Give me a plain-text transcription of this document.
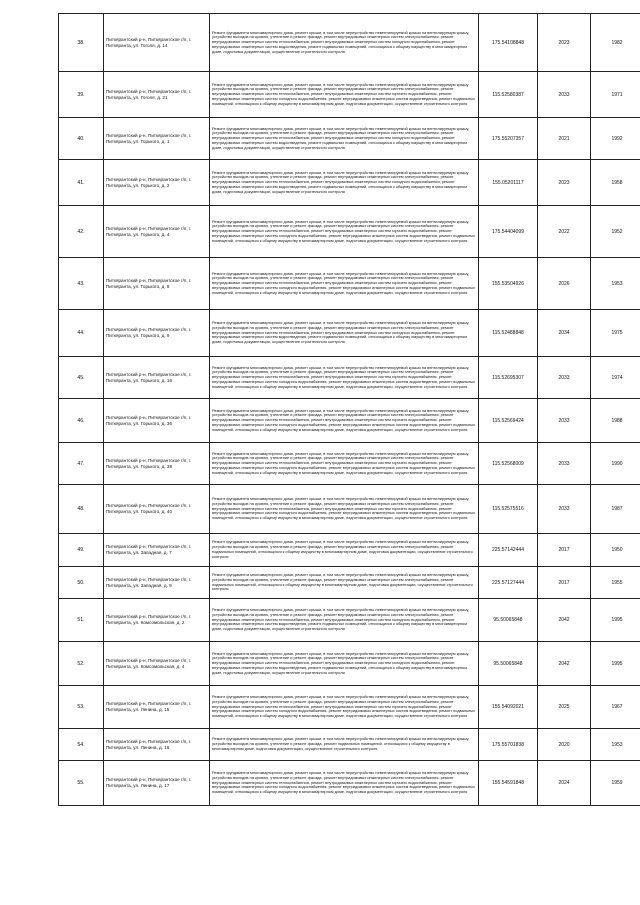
38.	Питкярантский р-н, Питкярантское г/п, г. Питкяранта, ул. Гоголя, д. 14	Ремонт фундамента многоквартирного дома, ремонт крыши, в том числе переустройство невентилируемой крыши на вентилируемую крышу, устройство выходов на кровлю, утепление и ремонт фасада, ремонт внутридомовых инженерных систем электроснабжения, ремонт внутридомовых инженерных систем теплоснабжения, ремонт внутридомовых инженерных систем холодного водоснабжения, ремонт внутридомовых инженерных систем водоотведения, ремонт подвальных помещений, относящихся к общему имуществу в многоквартирном доме, подготовка документации, осуществление строительного контроля	175.54108848	2023	1982
39.	Питкярантский р-н, Питкярантское г/п, г. Питкяранта, ул. Гоголя, д. 21	Ремонт фундамента многоквартирного дома, ремонт крыши, в том числе переустройство невентилируемой крыши на вентилируемую крышу, устройство выходов на кровлю, утепление и ремонт фасада, ремонт внутридомовых инженерных систем электроснабжения, ремонт внутридомовых инженерных систем теплоснабжения, ремонт внутридомовых инженерных систем горячего водоснабжения, ремонт внутридомовых инженерных систем холодного водоснабжения, ремонт внутридомовых инженерных систем водоотведения, ремонт подвальных помещений, относящихся к общему имуществу в многоквартирном доме, подготовка документации, осуществление строительного контроля	115.52580387	2033	1971
40.	Питкярантский р-н, Питкярантское г/п, г. Питкяранта, ул. Горького, д. 1	Ремонт фундамента многоквартирного дома, ремонт крыши, в том числе переустройство невентилируемой крыши на вентилируемую крышу, устройство выходов на кровлю, утепление и ремонт фасада, ремонт внутридомовых инженерных систем электроснабжения, ремонт внутридомовых инженерных систем теплоснабжения, ремонт внутридомовых инженерных систем холодного водоснабжения, ремонт внутридомовых инженерных систем водоотведения, ремонт подвальных помещений, относящихся к общему имуществу в многоквартирном доме, подготовка документации, осуществление строительного контроля	175.55207357	2021	1992
41.	Питкярантский р-н, Питкярантское г/п, г. Питкяранта, ул. Горького, д. 2	Ремонт фундамента многоквартирного дома, ремонт крыши, в том числе переустройство невентилируемой крыши на вентилируемую крышу, устройство выходов на кровлю, утепление и ремонт фасада, ремонт внутридомовых инженерных систем электроснабжения, ремонт внутридомовых инженерных систем теплоснабжения, ремонт внутридомовых инженерных систем холодного водоснабжения, ремонт внутридомовых инженерных систем водоотведения, ремонт подвальных помещений, относящихся к общему имуществу в многоквартирном доме, подготовка документации, осуществление строительного контроля	155.05201117	2023	1958
42.	Питкярантский р-н, Питкярантское г/п, г. Питкяранта, ул. Горького, д. 4	Ремонт фундамента многоквартирного дома, ремонт крыши, в том числе переустройство невентилируемой крыши на вентилируемую крышу, устройство выходов на кровлю, утепление и ремонт фасада, ремонт внутридомовых инженерных систем электроснабжения, ремонт внутридомовых инженерных систем теплоснабжения, ремонт внутридомовых инженерных систем горячего водоснабжения, ремонт внутридомовых инженерных систем холодного водоснабжения, ремонт внутридомовых инженерных систем водоотведения, ремонт подвальных помещений, относящихся к общему имуществу в многоквартирном доме, подготовка документации, осуществление строительного контроля	175.54404099	2022	1952
43.	Питкярантский р-н, Питкярантское г/п, г. Питкяранта, ул. Горького, д. 8	Ремонт фундамента многоквартирного дома, ремонт крыши, в том числе переустройство невентилируемой крыши на вентилируемую крышу, устройство выходов на кровлю, утепление и ремонт фасада, ремонт внутридомовых инженерных систем электроснабжения, ремонт внутридомовых инженерных систем теплоснабжения, ремонт внутридомовых инженерных систем горячего водоснабжения, ремонт внутридомовых инженерных систем холодного водоснабжения, ремонт внутридомовых инженерных систем водоотведения, ремонт подвальных помещений, относящихся к общему имуществу в многоквартирном доме, подготовка документации, осуществление строительного контроля	155.53504926	2026	1953
44.	Питкярантский р-н, Питкярантское г/п, г. Питкяранта, ул. Горького, д. 9	Ремонт фундамента многоквартирного дома, ремонт крыши, в том числе переустройство невентилируемой крыши на вентилируемую крышу, устройство выходов на кровлю, утепление и ремонт фасада, ремонт внутридомовых инженерных систем электроснабжения, ремонт внутридомовых инженерных систем теплоснабжения, ремонт внутридомовых инженерных систем холодного водоснабжения, ремонт внутридомовых инженерных систем водоотведения, ремонт подвальных помещений, относящихся к общему имуществу в многоквартирном доме, подготовка документации, осуществление строительного контроля	115.52488848	2034	1975
45.	Питкярантский р-н, Питкярантское г/п, г. Питкяранта, ул. Горького, д. 16	Ремонт фундамента многоквартирного дома, ремонт крыши, в том числе переустройство невентилируемой крыши на вентилируемую крышу, устройство выходов на кровлю, утепление и ремонт фасада, ремонт внутридомовых инженерных систем электроснабжения, ремонт внутридомовых инженерных систем теплоснабжения, ремонт внутридомовых инженерных систем горячего водоснабжения, ремонт внутридомовых инженерных систем холодного водоснабжения, ремонт внутридомовых инженерных систем водоотведения, ремонт подвальных помещений, относящихся к общему имуществу в многоквартирном доме, подготовка документации, осуществление строительного контроля	115.52695307	2033	1974
46.	Питкярантский р-н, Питкярантское г/п, г. Питкяранта, ул. Горького, д. 36	Ремонт фундамента многоквартирного дома, ремонт крыши, в том числе переустройство невентилируемой крыши на вентилируемую крышу, устройство выходов на кровлю, утепление и ремонт фасада, ремонт внутридомовых инженерных систем электроснабжения, ремонт внутридомовых инженерных систем теплоснабжения, ремонт внутридомовых инженерных систем горячего водоснабжения, ремонт внутридомовых инженерных систем холодного водоснабжения, ремонт внутридомовых инженерных систем водоотведения, ремонт подвальных помещений, относящихся к общему имуществу в многоквартирном доме, подготовка документации, осуществление строительного контроля	115.52569424	2033	1988
47.	Питкярантский р-н, Питкярантское г/п, г. Питкяранта, ул. Горького, д. 38	Ремонт фундамента многоквартирного дома, ремонт крыши, в том числе переустройство невентилируемой крыши на вентилируемую крышу, устройство выходов на кровлю, утепление и ремонт фасада, ремонт внутридомовых инженерных систем электроснабжения, ремонт внутридомовых инженерных систем теплоснабжения, ремонт внутридомовых инженерных систем горячего водоснабжения, ремонт внутридомовых инженерных систем холодного водоснабжения, ремонт внутридомовых инженерных систем водоотведения, ремонт подвальных помещений, относящихся к общему имуществу в многоквартирном доме, подготовка документации, осуществление строительного контроля	115.52568009	2033	1990
48.	Питкярантский р-н, Питкярантское г/п, г. Питкяранта, ул. Горького, д. 40	Ремонт фундамента многоквартирного дома, ремонт крыши, в том числе переустройство невентилируемой крыши на вентилируемую крышу, устройство выходов на кровлю, утепление и ремонт фасада, ремонт внутридомовых инженерных систем электроснабжения, ремонт внутридомовых инженерных систем теплоснабжения, ремонт внутридомовых инженерных систем горячего водоснабжения, ремонт внутридомовых инженерных систем холодного водоснабжения, ремонт внутридомовых инженерных систем водоотведения, ремонт подвальных помещений, относящихся к общему имуществу в многоквартирном доме, подготовка документации, осуществление строительного контроля	115.52575516	2033	1987
49.	Питкярантский р-н, Питкярантское г/п, г. Питкяранта, ул. Западная, д. 7	Ремонт фундамента многоквартирного дома, ремонт крыши, в том числе переустройство невентилируемой крыши на вентилируемую крышу, устройство выходов на кровлю, утепление и ремонт фасада, ремонт внутридомовых инженерных систем электроснабжения, ремонт подвальных помещений, относящихся к общему имуществу в многоквартирном доме, подготовка документации, осуществление строительного контроля	225.57142444	2017	1950
50.	Питкярантский р-н, Питкярантское г/п, г. Питкяранта, ул. Западная, д. 9	Ремонт фундамента многоквартирного дома, ремонт крыши, в том числе переустройство невентилируемой крыши на вентилируемую крышу, устройство выходов на кровлю, утепление и ремонт фасада, ремонт внутридомовых инженерных систем электроснабжения, ремонт подвальных помещений, относящихся к общему имуществу в многоквартирном доме, подготовка документации, осуществление строительного контроля	225.57127444	2017	1955
51.	Питкярантский р-н, Питкярантское г/п, г. Питкяранта, ул. Комсомольская, д. 2	Ремонт фундамента многоквартирного дома, ремонт крыши, в том числе переустройство невентилируемой крыши на вентилируемую крышу, устройство выходов на кровлю, утепление и ремонт фасада, ремонт внутридомовых инженерных систем электроснабжения, ремонт внутридомовых инженерных систем теплоснабжения, ремонт внутридомовых инженерных систем холодного водоснабжения, ремонт внутридомовых инженерных систем водоотведения, ремонт подвальных помещений, относящихся к общему имуществу в многоквартирном доме, подготовка документации, осуществление строительного контроля	95.50065848	2042	1995
52.	Питкярантский р-н, Питкярантское г/п, г. Питкяранта, ул. Комсомольская, д. 4	Ремонт фундамента многоквартирного дома, ремонт крыши, в том числе переустройство невентилируемой крыши на вентилируемую крышу, устройство выходов на кровлю, утепление и ремонт фасада, ремонт внутридомовых инженерных систем электроснабжения, ремонт внутридомовых инженерных систем теплоснабжения, ремонт внутридомовых инженерных систем холодного водоснабжения, ремонт внутридомовых инженерных систем водоотведения, ремонт подвальных помещений, относящихся к общему имуществу в многоквартирном доме, подготовка документации, осуществление строительного контроля	95.50065848	2042	1995
53.	Питкярантский р-н, Питкярантское г/п, г. Питкяранта, ул. Ленина, д. 15	Ремонт фундамента многоквартирного дома, ремонт крыши, в том числе переустройство невентилируемой крыши на вентилируемую крышу, устройство выходов на кровлю, утепление и ремонт фасада, ремонт внутридомовых инженерных систем электроснабжения, ремонт внутридомовых инженерных систем теплоснабжения, ремонт внутридомовых инженерных систем горячего водоснабжения, ремонт внутридомовых инженерных систем холодного водоснабжения, ремонт внутридомовых инженерных систем водоотведения, ремонт подвальных помещений, относящихся к общему имуществу в многоквартирном доме, подготовка документации, осуществление строительного контроля	155.54092021	2025	1967
54.	Питкярантский р-н, Питкярантское г/п, г. Питкяранта, ул. Ленина, д. 16	Ремонт фундамента многоквартирного дома, ремонт крыши, в том числе переустройство невентилируемой крыши на вентилируемую крышу, устройство выходов на кровлю, утепление и ремонт фасада, ремонт подвальных помещений, относящихся к общему имуществу в многоквартирном доме, подготовка документации, осуществление строительного контроля	175.55701838	2020	1953
55.	Питкярантский р-н, Питкярантское г/п, г. Питкяранта, ул. Ленина, д. 17	Ремонт фундамента многоквартирного дома, ремонт крыши, в том числе переустройство невентилируемой крыши на вентилируемую крышу, устройство выходов на кровлю, утепление и ремонт фасада, ремонт внутридомовых инженерных систем электроснабжения, ремонт внутридомовых инженерных систем теплоснабжения, ремонт внутридомовых инженерных систем горячего водоснабжения, ремонт внутридомовых инженерных систем холодного водоснабжения, ремонт внутридомовых инженерных систем водоотведения, ремонт подвальных помещений, относящихся к общему имуществу в многоквартирном доме, подготовка документации, осуществление строительного контроля	155.54591848	2024	1959
